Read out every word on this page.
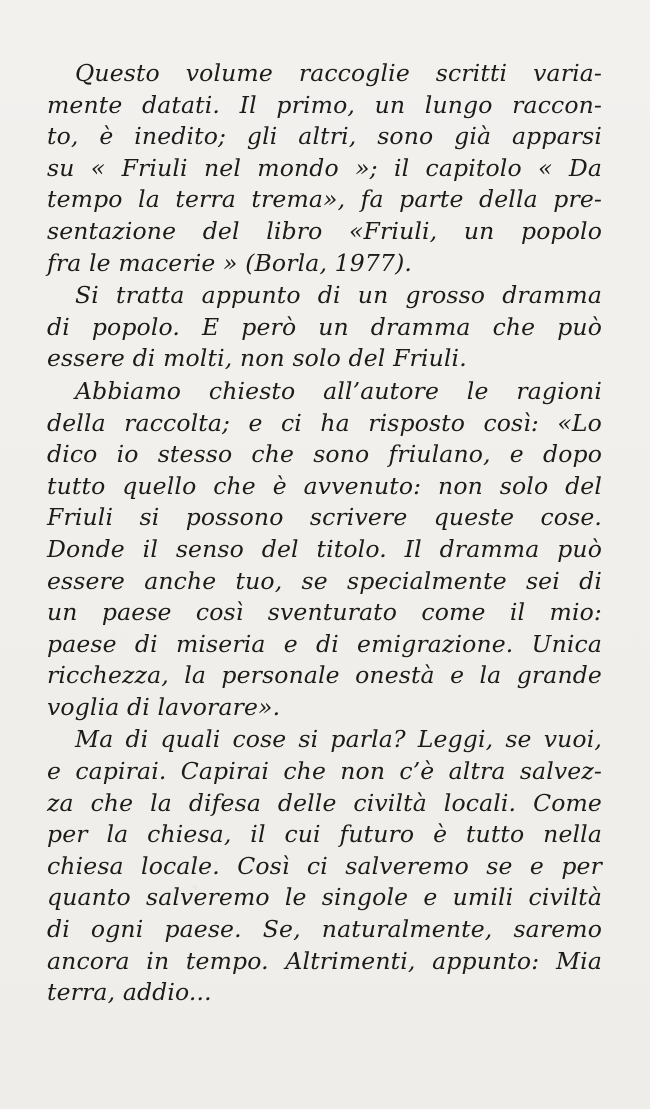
Questo volume raccoglie scritti varia-
mente datati. Il primo, un lungo raccon-
to, è inedito; gli altri, sono già apparsi
su « Friuli nel mondo »; il capitolo « Da
tempo la terra trema», fa parte della pre-
sentazione del libro «Friuli, un popolo
fra le macerie » (Borla, 1977).
Si tratta appunto di un grosso dramma
di popolo. E però un dramma che può
essere di molti, non solo del Friuli.
Abbiamo chiesto all’autore le ragioni
della raccolta; e ci ha risposto così: «Lo
dico io stesso che sono friulano, e dopo
tutto quello che è avvenuto: non solo del
Friuli si possono scrivere queste cose.
Donde il senso del titolo. Il dramma può
essere anche tuo, se specialmente sei di
un paese così sventurato come il mio:
paese di miseria e di emigrazione. Unica
ricchezza, la personale onestà e la grande
voglia di lavorare».
Ma di quali cose si parla? Leggi, se vuoi,
e capirai. Capirai che non c’è altra salvez-
za che la difesa delle civiltà locali. Come
per la chiesa, il cui futuro è tutto nella
chiesa locale. Così ci salveremo se e per
quanto salveremo le singole e umili civiltà
di ogni paese. Se, naturalmente, saremo
ancora in tempo. Altrimenti, appunto: Mia
terra, addio...
